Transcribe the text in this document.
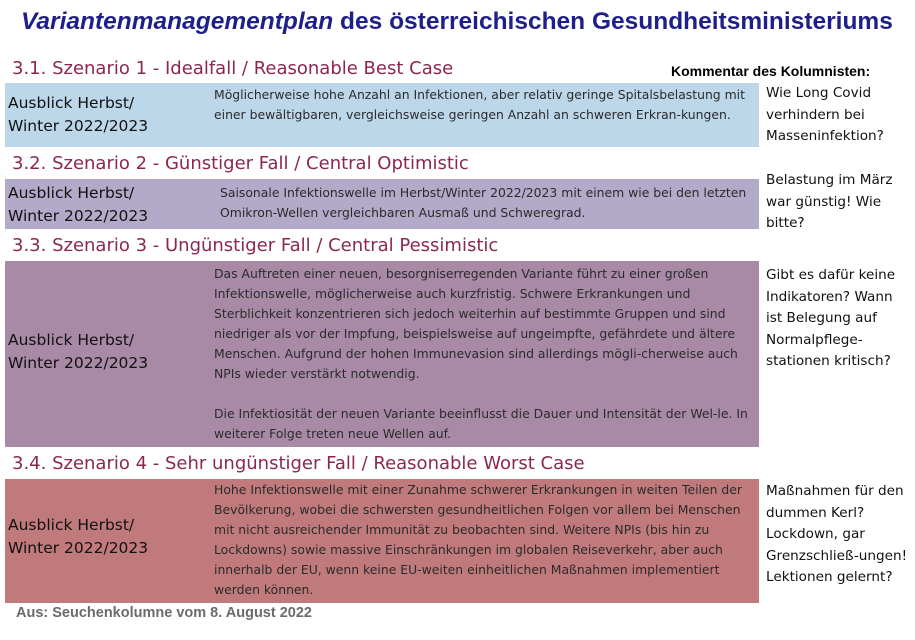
Variantenmanagementplan des österreichischen Gesundheitsministeriums
Kommentar des Kolumnisten:
3.1. Szenario 1 - Idealfall / Reasonable Best Case

Ausblick Herbst/

Winter 2022/2023

Möglicherweise hohe Anzahl an Infektionen, aber relativ geringe Spitalsbelastung mit einer bewältigbaren, vergleichsweise geringen Anzahl an schweren Erkran-kungen.

Wie Long Covid verhindern bei Masseninfektion?
3.2. Szenario 2 - Günstiger Fall / Central Optimistic

Ausblick Herbst/

Winter 2022/2023

Saisonale Infektionswelle im Herbst/Winter 2022/2023 mit einem wie bei den letzten Omikron-Wellen vergleichbaren Ausmaß und Schweregrad.

Belastung im März war günstig! Wie bitte?
3.3. Szenario 3 - Ungünstiger Fall / Central Pessimistic

Ausblick Herbst/

Winter 2022/2023

Das Auftreten einer neuen, besorgniserregenden Variante führt zu einer großen Infektionswelle, möglicherweise auch kurzfristig. Schwere Erkrankungen und Sterblichkeit konzentrieren sich jedoch weiterhin auf bestimmte Gruppen und sind niedriger als vor der Impfung, beispielsweise auf ungeimpfte, gefährdete und ältere Menschen. Aufgrund der hohen Immunevasion sind allerdings mögli-cherweise auch NPIs wieder verstärkt notwendig.

Die Infektiosität der neuen Variante beeinflusst die Dauer und Intensität der Wel-le. In weiterer Folge treten neue Wellen auf.

Gibt es dafür keine Indikatoren? Wann ist Belegung auf Normalpflege-stationen kritisch?
3.4. Szenario 4 - Sehr ungünstiger Fall / Reasonable Worst Case

Ausblick Herbst/

Winter 2022/2023

Hohe Infektionswelle mit einer Zunahme schwerer Erkrankungen in weiten Teilen der Bevölkerung, wobei die schwersten gesundheitlichen Folgen vor allem bei Menschen mit nicht ausreichender Immunität zu beobachten sind. Weitere NPIs (bis hin zu Lockdowns) sowie massive Einschränkungen im globalen Reiseverkehr, aber auch innerhalb der EU, wenn keine EU-weiten einheitlichen Maßnahmen implementiert werden können.

Maßnahmen für den dummen Kerl? Lockdown, gar Grenzschließ-ungen! Lektionen gelernt?
Aus: Seuchenkolumne vom 8. August 2022
